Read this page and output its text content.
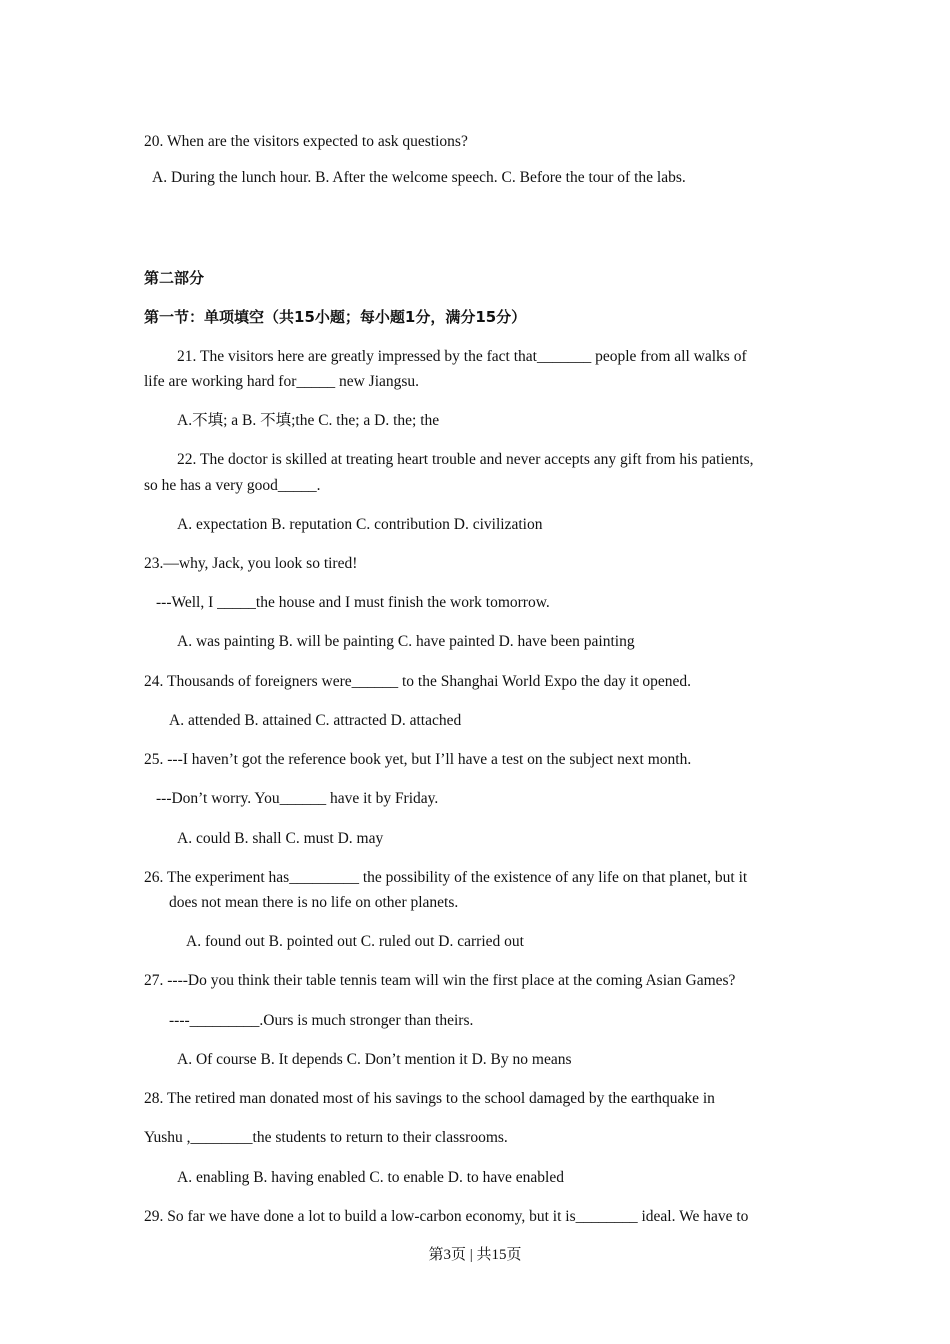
20. When are the visitors expected to ask questions?
A. During the lunch hour. B. After the welcome speech. C. Before the tour of the labs.
第二部分
第一节：单项填空（共15小题；每小题1分，满分15分）
21. The visitors here are greatly impressed by the fact that_______ people from all walks of
life are working hard for_____ new Jiangsu.
A.不填; a B. 不填;the C. the; a D. the; the
22. The doctor is skilled at treating heart trouble and never accepts any gift from his patients,
so he has a very good_____.
A. expectation B. reputation C. contribution D. civilization
23.—why, Jack, you look so tired!
---Well, I _____the house and I must finish the work tomorrow.
A. was painting B. will be painting C. have painted D. have been painting
24. Thousands of foreigners were______ to the Shanghai World Expo the day it opened.
A. attended B. attained C. attracted D. attached
25. ---I haven’t got the reference book yet, but I’ll have a test on the subject next month.
---Don’t worry. You______ have it by Friday.
A. could B. shall C. must D. may
26. The experiment has_________ the possibility of the existence of any life on that planet, but it
does not mean there is no life on other planets.
A. found out B. pointed out C. ruled out D. carried out
27. ----Do you think their table tennis team will win the first place at the coming Asian Games?
----_________.Ours is much stronger than theirs.
A. Of course B. It depends C. Don’t mention it D. By no means
28. The retired man donated most of his savings to the school damaged by the earthquake in
Yushu ,________the students to return to their classrooms.
A. enabling B. having enabled C. to enable D. to have enabled
29. So far we have done a lot to build a low-carbon economy, but it is________ ideal. We have to
第3页 | 共15页
